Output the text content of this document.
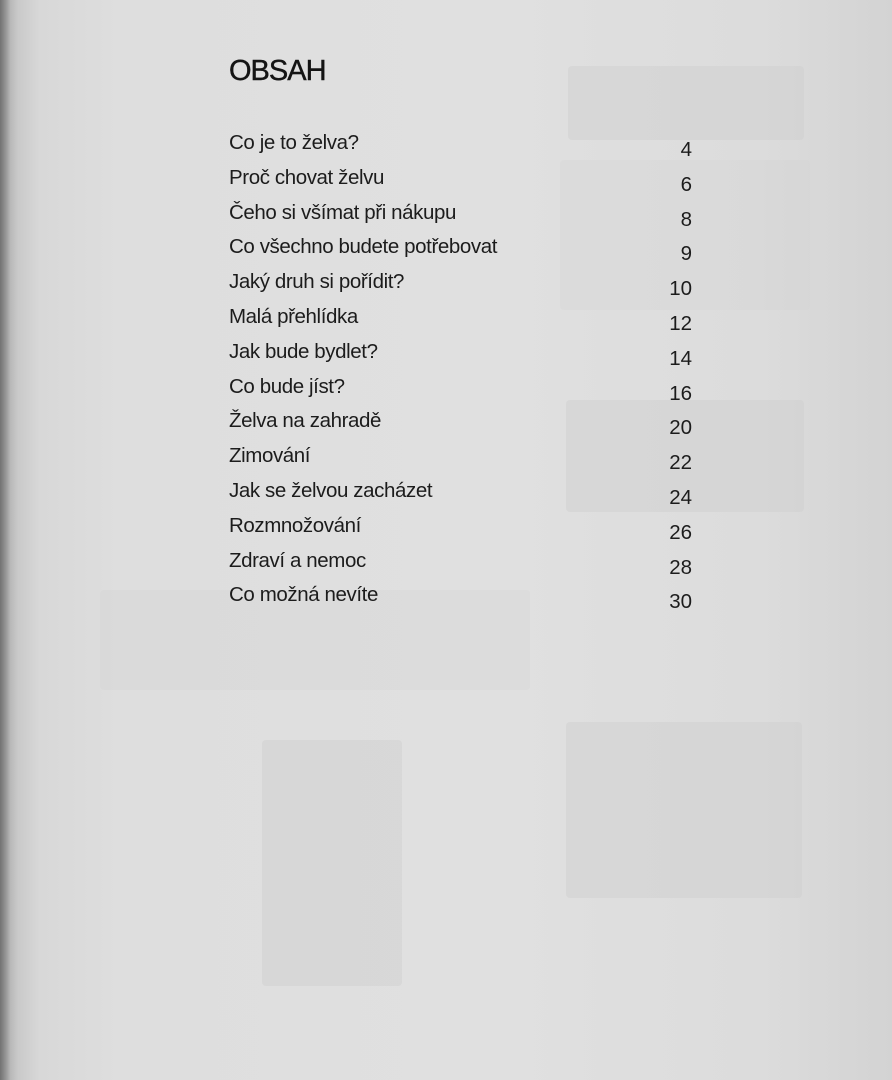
OBSAH
Co je to želva?	4
Proč chovat želvu	6
Čeho si všímat při nákupu	8
Co všechno budete potřebovat	9
Jaký druh si pořídit?	10
Malá přehlídka	12
Jak bude bydlet?	14
Co bude jíst?	16
Želva na zahradě	20
Zimování	22
Jak se želvou zacházet	24
Rozmnožování	26
Zdraví a nemoc	28
Co možná nevíte	30
